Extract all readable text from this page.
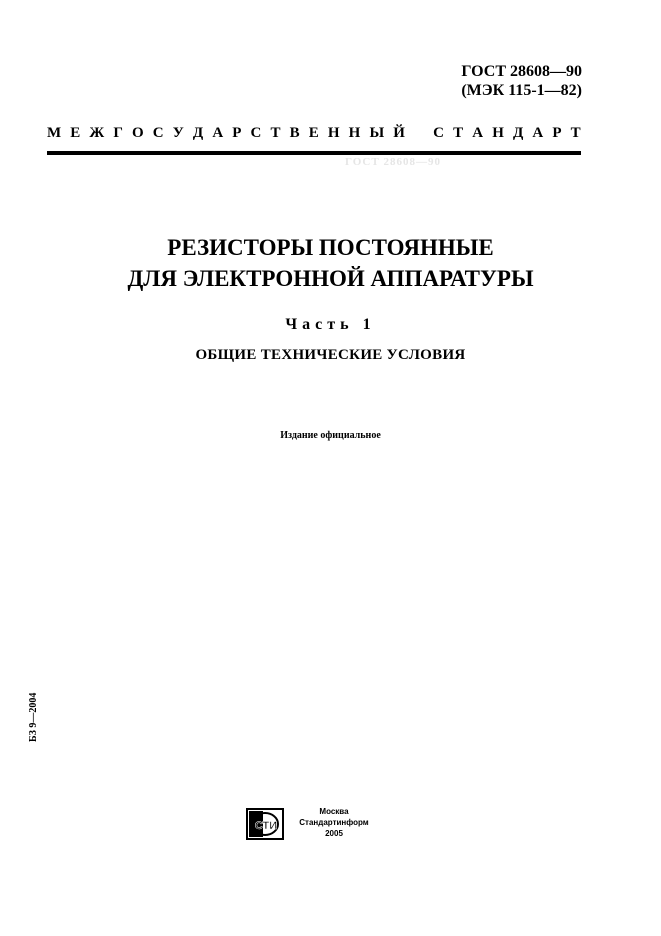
ГОСТ 28608—90
(МЭК 115-1—82)
М Е Ж Г О С У Д А Р С Т В Е Н Н Ы Й С Т А Н Д А Р Т
ГОСТ 28608—90
РЕЗИСТОРЫ ПОСТОЯННЫЕ
ДЛЯ ЭЛЕКТРОННОЙ АППАРАТУРЫ
Часть 1
ОБЩИЕ ТЕХНИЧЕСКИЕ УСЛОВИЯ
Издание официальное
БЗ 9—2004
СТИ
Москва
Стандартинформ
2005
